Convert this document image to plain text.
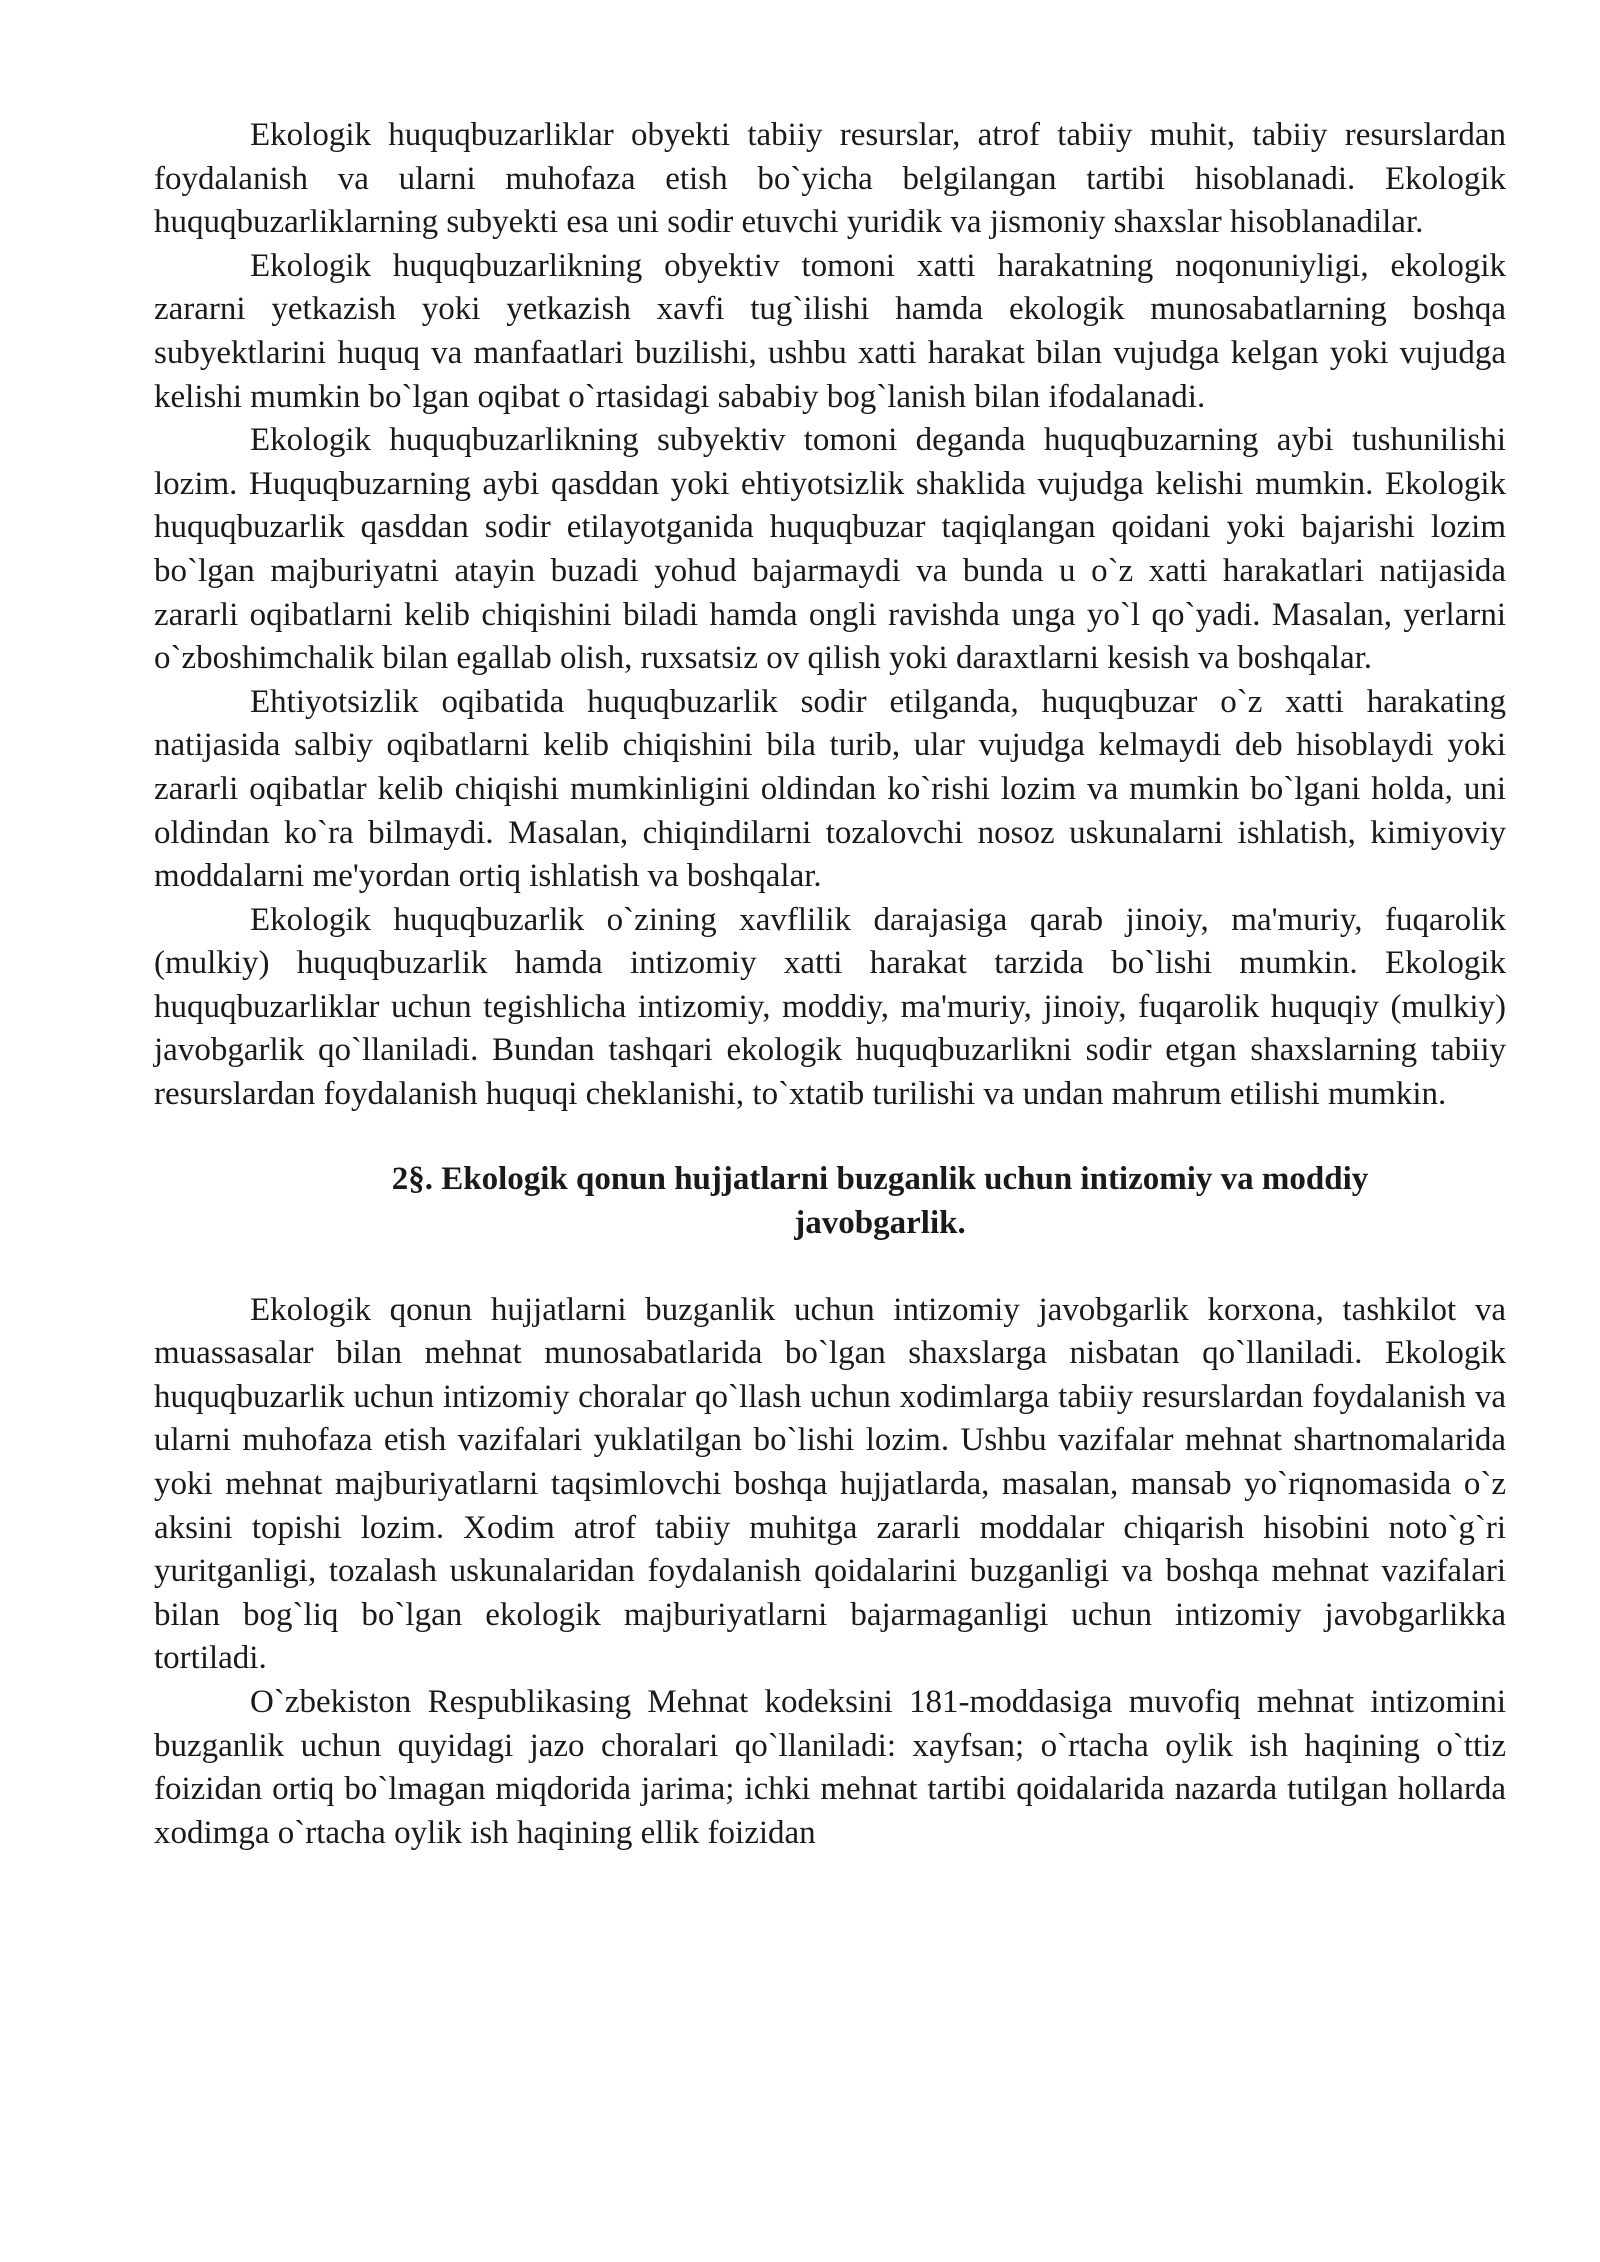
Ekologik huquqbuzarliklar obyekti tabiiy resurslar, atrof tabiiy muhit, tabiiy resurslardan foydalanish va ularni muhofaza etish bo`yicha belgilangan tartibi hisoblanadi. Ekologik huquqbuzarliklarning subyekti esa uni sodir etuvchi yuridik va jismoniy shaxslar hisoblanadilar.

Ekologik huquqbuzarlikning obyektiv tomoni xatti harakatning noqonuniyligi, ekologik zararni yetkazish yoki yetkazish xavfi tug`ilishi hamda ekologik munosabatlarning boshqa subyektlarini huquq va manfaatlari buzilishi, ushbu xatti harakat bilan vujudga kelgan yoki vujudga kelishi mumkin bo`lgan oqibat o`rtasidagi sababiy bog`lanish bilan ifodalanadi.

Ekologik huquqbuzarlikning subyektiv tomoni deganda huquqbuzarning aybi tushunilishi lozim. Huquqbuzarning aybi qasddan yoki ehtiyotsizlik shaklida vujudga kelishi mumkin. Ekologik huquqbuzarlik qasddan sodir etilayotganida huquqbuzar taqiqlangan qoidani yoki bajarishi lozim bo`lgan majburiyatni atayin buzadi yohud bajarmaydi va bunda u o`z xatti harakatlari natijasida zararli oqibatlarni kelib chiqishini biladi hamda ongli ravishda unga yo`l qo`yadi. Masalan, yerlarni o`zboshimchalik bilan egallab olish, ruxsatsiz ov qilish yoki daraxtlarni kesish va boshqalar.

Ehtiyotsizlik oqibatida huquqbuzarlik sodir etilganda, huquqbuzar o`z xatti harakating natijasida salbiy oqibatlarni kelib chiqishini bila turib, ular vujudga kelmaydi deb hisoblaydi yoki zararli oqibatlar kelib chiqishi mumkinligini oldindan ko`rishi lozim va mumkin bo`lgani holda, uni oldindan ko`ra bilmaydi. Masalan, chiqindilarni tozalovchi nosoz uskunalarni ishlatish, kimiyoviy moddalarni me'yordan ortiq ishlatish va boshqalar.

Ekologik huquqbuzarlik o`zining xavflilik darajasiga qarab jinoiy, ma'muriy, fuqarolik (mulkiy) huquqbuzarlik hamda intizomiy xatti harakat tarzida bo`lishi mumkin. Ekologik huquqbuzarliklar uchun tegishlicha intizomiy, moddiy, ma'muriy, jinoiy, fuqarolik huquqiy (mulkiy) javobgarlik qo`llaniladi. Bundan tashqari ekologik huquqbuzarlikni sodir etgan shaxslarning tabiiy resurslardan foydalanish huquqi cheklanishi, to`xtatib turilishi va undan mahrum etilishi mumkin.

2§. Ekologik qonun hujjatlarni buzganlik uchun intizomiy va moddiy
javobgarlik.

Ekologik qonun hujjatlarni buzganlik uchun intizomiy javobgarlik korxona, tashkilot va muassasalar bilan mehnat munosabatlarida bo`lgan shaxslarga nisbatan qo`llaniladi. Ekologik huquqbuzarlik uchun intizomiy choralar qo`llash uchun xodimlarga tabiiy resurslardan foydalanish va ularni muhofaza etish vazifalari yuklatilgan bo`lishi lozim. Ushbu vazifalar mehnat shartnomalarida yoki mehnat majburiyatlarni taqsimlovchi boshqa hujjatlarda, masalan, mansab yo`riqnomasida o`z aksini topishi lozim. Xodim atrof tabiiy muhitga zararli moddalar chiqarish hisobini noto`g`ri yuritganligi, tozalash uskunalaridan foydalanish qoidalarini buzganligi va boshqa mehnat vazifalari bilan bog`liq bo`lgan ekologik majburiyatlarni bajarmaganligi uchun intizomiy javobgarlikka tortiladi.

O`zbekiston Respublikasing Mehnat kodeksini 181-moddasiga muvofiq mehnat intizomini buzganlik uchun quyidagi jazo choralari qo`llaniladi: xayfsan; o`rtacha oylik ish haqining o`ttiz foizidan ortiq bo`lmagan miqdorida jarima; ichki mehnat tartibi qoidalarida nazarda tutilgan hollarda xodimga o`rtacha oylik ish haqining ellik foizidan
